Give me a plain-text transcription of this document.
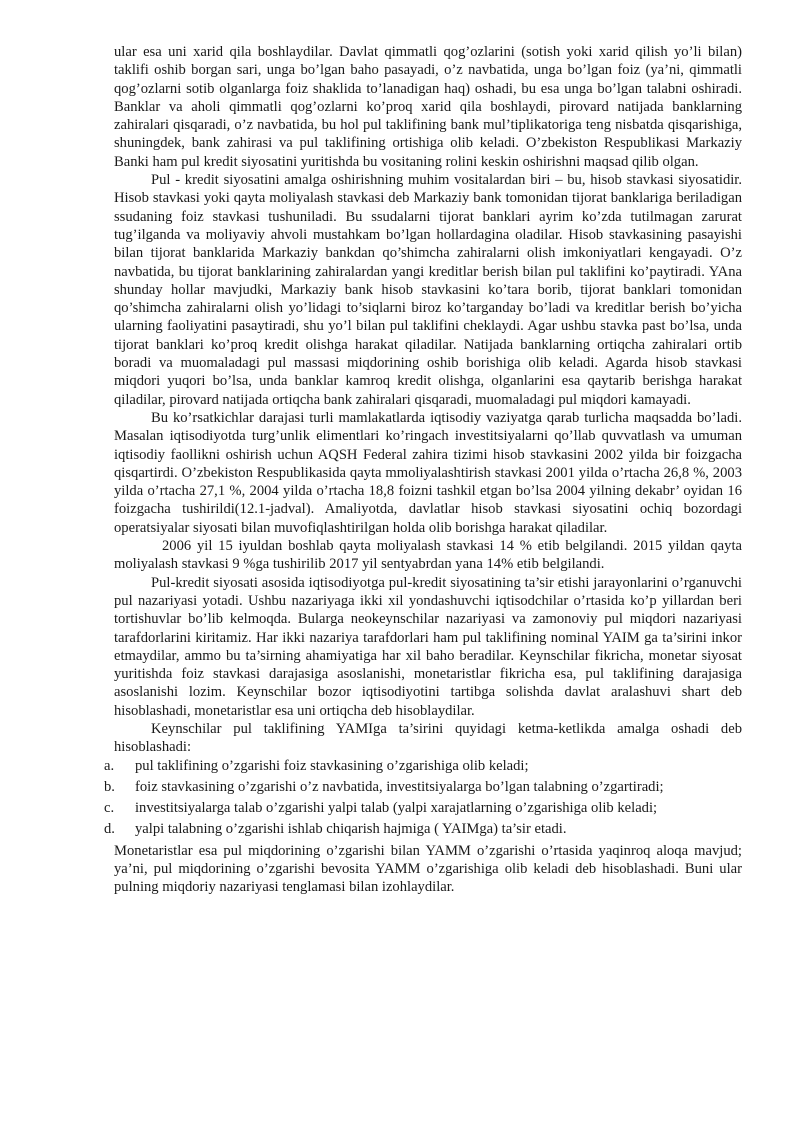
ular esa uni xarid qila boshlaydilar. Davlat qimmatli qog’ozlarini (sotish yoki xarid qilish yo’li bilan) taklifi oshib borgan sari, unga bo’lgan baho pasayadi, o’z navbatida, unga bo’lgan foiz (ya’ni, qimmatli qog’ozlarni sotib olganlarga foiz shaklida to’lanadigan haq) oshadi, bu esa unga bo’lgan talabni oshiradi. Banklar va aholi qimmatli qog’ozlarni ko’proq xarid qila boshlaydi, pirovard natijada banklarning zahiralari qisqaradi, o’z navbatida, bu hol pul taklifining bank mul’tiplikatoriga teng nisbatda qisqarishiga, shuningdek, bank zahirasi va pul taklifining ortishiga olib keladi. O’zbekiston Respublikasi Markaziy Banki ham pul kredit siyosatini yuritishda bu vositaning rolini keskin oshirishni maqsad qilib olgan.

Pul - kredit siyosatini amalga oshirishning muhim vositalardan biri – bu, hisob stavkasi siyosatidir. Hisob stavkasi yoki qayta moliyalash stavkasi deb Markaziy bank tomonidan tijorat banklariga beriladigan ssudaning foiz stavkasi tushuniladi. Bu ssudalarni tijorat banklari ayrim ko’zda tutilmagan zarurat tug’ilganda va moliyaviy ahvoli mustahkam bo’lgan hollardagina oladilar. Hisob stavkasining pasayishi bilan tijorat banklarida Markaziy bankdan qo’shimcha zahiralarni olish imkoniyatlari kengayadi. O’z navbatida, bu tijorat banklarining zahiralardan yangi kreditlar berish bilan pul taklifini ko’paytiradi. YAna shunday hollar mavjudki, Markaziy bank hisob stavkasini ko’tara borib, tijorat banklari tomonidan qo’shimcha zahiralarni olish yo’lidagi to’siqlarni biroz ko’targanday bo’ladi va kreditlar berish bo’yicha ularning faoliyatini pasaytiradi, shu yo’l bilan pul taklifini cheklaydi. Agar ushbu stavka past bo’lsa, unda tijorat banklari ko’proq kredit olishga harakat qiladilar. Natijada banklarning ortiqcha zahiralari ortib boradi va muomaladagi pul massasi miqdorining oshib borishiga olib keladi. Agarda hisob stavkasi miqdori yuqori bo’lsa, unda banklar kamroq kredit olishga, olganlarini esa qaytarib berishga harakat qiladilar, pirovard natijada ortiqcha bank zahiralari qisqaradi, muomaladagi pul miqdori kamayadi.

Bu ko’rsatkichlar darajasi turli mamlakatlarda iqtisodiy vaziyatga qarab turlicha maqsadda bo’ladi. Masalan iqtisodiyotda turg’unlik elimentlari ko’ringach investitsiyalarni qo’llab quvvatlash va umuman iqtisodiy faollikni oshirish uchun AQSH Federal zahira tizimi hisob stavkasini 2002 yilda bir foizgacha qisqartirdi. O’zbekiston Respublikasida qayta mmoliyalashtirish stavkasi 2001 yilda o’rtacha 26,8 %, 2003 yilda o’rtacha 27,1 %, 2004 yilda o’rtacha 18,8 foizni tashkil etgan bo’lsa 2004 yilning dekabr’ oyidan 16 foizgacha tushirildi(12.1-jadval). Amaliyotda, davlatlar hisob stavkasi siyosatini ochiq bozordagi operatsiyalar siyosati bilan muvofiqlashtirilgan holda olib borishga harakat qiladilar.

2006 yil 15 iyuldan boshlab qayta moliyalash stavkasi 14 % etib belgilandi. 2015 yildan qayta moliyalash stavkasi 9 %ga tushirilib 2017 yil sentyabrdan yana 14% etib belgilandi.

Pul-kredit siyosati asosida iqtisodiyotga pul-kredit siyosatining ta’sir etishi jarayonlarini o’rganuvchi pul nazariyasi yotadi. Ushbu nazariyaga ikki xil yondashuvchi iqtisodchilar o’rtasida ko’p yillardan beri tortishuvlar bo’lib kelmoqda. Bularga neokeynschilar nazariyasi va zamonoviy pul miqdori nazariyasi tarafdorlarini kiritamiz. Har ikki nazariya tarafdorlari ham pul taklifining nominal YAIM ga ta’sirini inkor etmaydilar, ammo bu ta’sirning ahamiyatiga har xil baho beradilar. Keynschilar fikricha, monetar siyosat yuritishda foiz stavkasi darajasiga asoslanishi, monetaristlar fikricha esa, pul taklifining darajasiga asoslanishi lozim. Keynschilar bozor iqtisodiyotini tartibga solishda davlat aralashuvi shart deb hisoblashadi, monetaristlar esa uni ortiqcha deb hisoblaydilar.

Keynschilar pul taklifining YAMIga ta’sirini quyidagi ketma-ketlikda amalga oshadi deb hisoblashadi:

a.	pul taklifining o’zgarishi foiz stavkasining o’zgarishiga olib keladi;
b.	foiz stavkasining o’zgarishi o’z navbatida, investitsiyalarga bo’lgan talabning o’zgartiradi;
c.	investitsiyalarga talab o’zgarishi yalpi talab (yalpi xarajatlarning o’zgarishiga olib keladi;
d.	yalpi talabning o’zgarishi ishlab chiqarish hajmiga ( YAIMga) ta’sir etadi.

Monetaristlar esa pul miqdorining o’zgarishi bilan YAMM o’zgarishi o’rtasida yaqinroq aloqa mavjud; ya’ni, pul miqdorining o’zgarishi bevosita YAMM o’zgarishiga olib keladi deb hisoblashadi. Buni ular pulning miqdoriy nazariyasi tenglamasi bilan izohlaydilar.
